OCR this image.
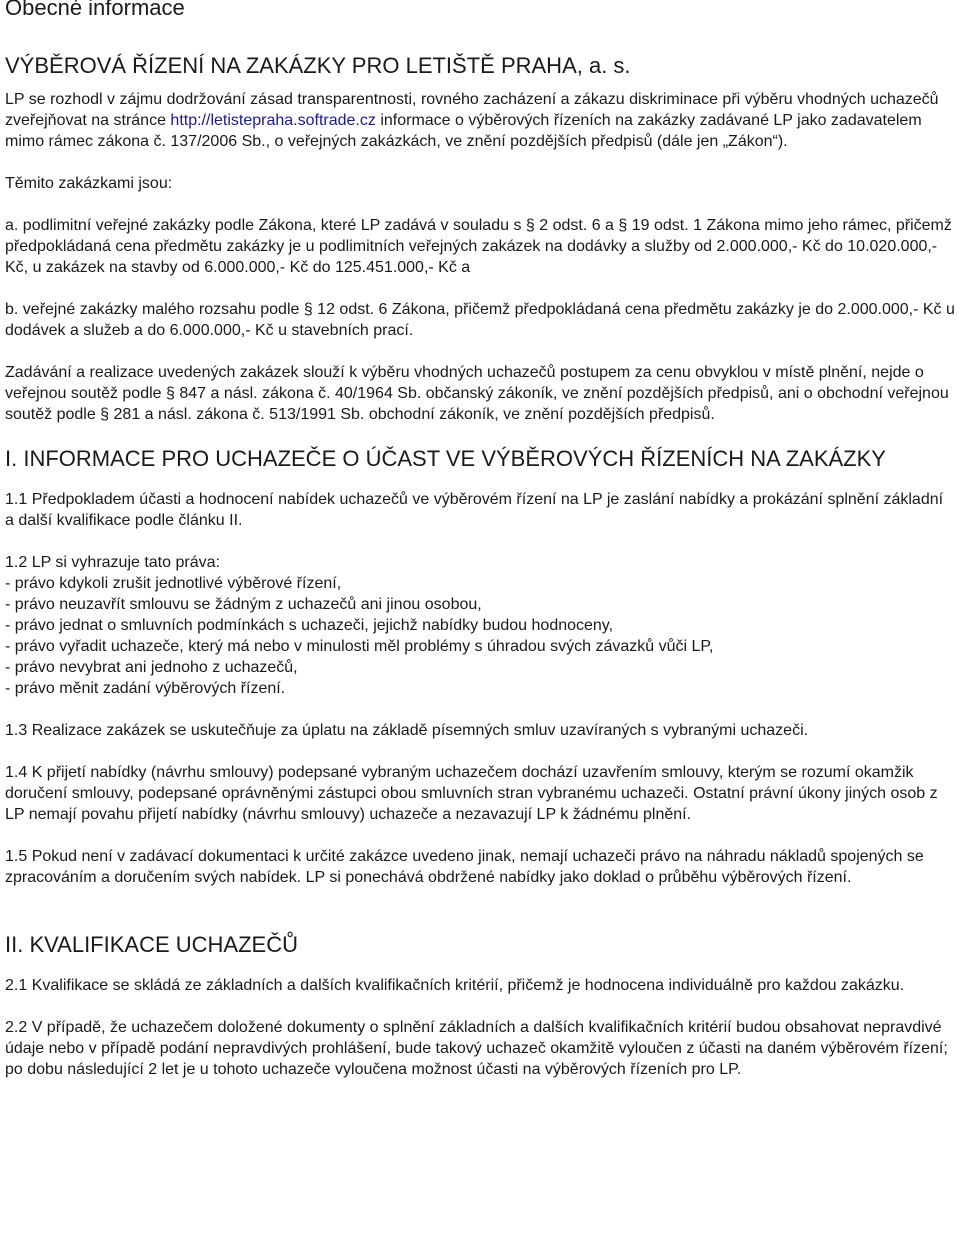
Obecné informace
VÝBĚROVÁ ŘÍZENÍ NA ZAKÁZKY PRO LETIŠTĚ PRAHA, a. s.

LP se rozhodl v zájmu dodržování zásad transparentnosti, rovného zacházení a zákazu diskriminace při výběru vhodných uchazečů zveřejňovat na stránce http://letistepraha.softrade.cz informace o výběrových řízeních na zakázky zadávané LP jako zadavatelem mimo rámec zákona č. 137/2006 Sb., o veřejných zakázkách, ve znění pozdějších předpisů (dále jen „Zákon“).

Těmito zakázkami jsou:

a. podlimitní veřejné zakázky podle Zákona, které LP zadává v souladu s § 2 odst. 6 a § 19 odst. 1 Zákona mimo jeho rámec, přičemž předpokládaná cena předmětu zakázky je u podlimitních veřejných zakázek na dodávky a služby od 2.000.000,- Kč do 10.020.000,- Kč, u zakázek na stavby od 6.000.000,- Kč do 125.451.000,- Kč a

b. veřejné zakázky malého rozsahu podle § 12 odst. 6 Zákona, přičemž předpokládaná cena předmětu zakázky je do 2.000.000,- Kč u dodávek a služeb a do 6.000.000,- Kč u stavebních prací.

Zadávání a realizace uvedených zakázek slouží k výběru vhodných uchazečů postupem za cenu obvyklou v místě plnění, nejde o veřejnou soutěž podle § 847 a násl. zákona č. 40/1964 Sb. občanský zákoník, ve znění pozdějších předpisů, ani o obchodní veřejnou soutěž podle § 281 a násl. zákona č. 513/1991 Sb. obchodní zákoník, ve znění pozdějších předpisů.

I. INFORMACE PRO UCHAZEČE O ÚČAST VE VÝBĚROVÝCH ŘÍZENÍCH NA ZAKÁZKY

1.1 Předpokladem účasti a hodnocení nabídek uchazečů ve výběrovém řízení na LP je zaslání nabídky a prokázání splnění základní a další kvalifikace podle článku II.

1.2 LP si vyhrazuje tato práva:
- právo kdykoli zrušit jednotlivé výběrové řízení,
- právo neuzavřít smlouvu se žádným z uchazečů ani jinou osobou,
- právo jednat o smluvních podmínkách s uchazeči, jejichž nabídky budou hodnoceny,
- právo vyřadit uchazeče, který má nebo v minulosti měl problémy s úhradou svých závazků vůči LP,
- právo nevybrat ani jednoho z uchazečů,
- právo měnit zadání výběrových řízení.

1.3 Realizace zakázek se uskutečňuje za úplatu na základě písemných smluv uzavíraných s vybranými uchazeči.

1.4 K přijetí nabídky (návrhu smlouvy) podepsané vybraným uchazečem dochází uzavřením smlouvy, kterým se rozumí okamžik doručení smlouvy, podepsané oprávněnými zástupci obou smluvních stran vybranému uchazeči. Ostatní právní úkony jiných osob z LP nemají povahu přijetí nabídky (návrhu smlouvy) uchazeče a nezavazují LP k žádnému plnění.

1.5 Pokud není v zadávací dokumentaci k určité zakázce uvedeno jinak, nemají uchazeči právo na náhradu nákladů spojených se zpracováním a doručením svých nabídek. LP si ponechává obdržené nabídky jako doklad o průběhu výběrových řízení.

II. KVALIFIKACE UCHAZEČŮ

2.1 Kvalifikace se skládá ze základních a dalších kvalifikačních kritérií, přičemž je hodnocena individuálně pro každou zakázku.

2.2 V případě, že uchazečem doložené dokumenty o splnění základních a dalších kvalifikačních kritérií budou obsahovat nepravdivé údaje nebo v případě podání nepravdivých prohlášení, bude takový uchazeč okamžitě vyloučen z účasti na daném výběrovém řízení; po dobu následující 2 let je u tohoto uchazeče vyloučena možnost účasti na výběrových řízeních pro LP.
